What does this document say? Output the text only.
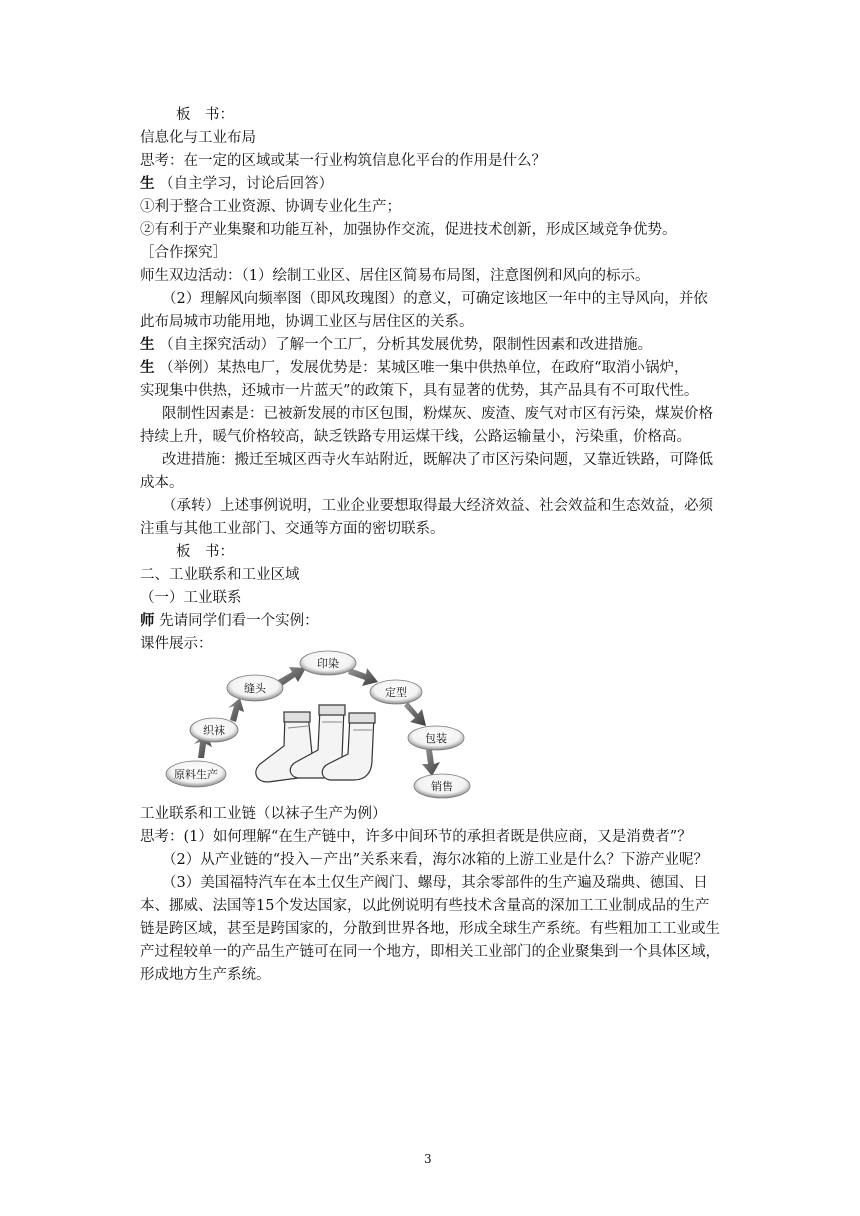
板　书：
信息化与工业布局
思考：在一定的区域或某一行业构筑信息化平台的作用是什么？
生 （自主学习，讨论后回答）
①利于整合工业资源、协调专业化生产；
②有利于产业集聚和功能互补，加强协作交流，促进技术创新，形成区域竞争优势。
［合作探究］
师生双边活动：（1）绘制工业区、居住区简易布局图，注意图例和风向的标示。
（2）理解风向频率图（即风玫瑰图）的意义，可确定该地区一年中的主导风向，并依
此布局城市功能用地，协调工业区与居住区的关系。
生 （自主探究活动）了解一个工厂，分析其发展优势，限制性因素和改进措施。
生 （举例）某热电厂，发展优势是：某城区唯一集中供热单位，在政府“取消小锅炉，
实现集中供热，还城市一片蓝天”的政策下，具有显著的优势，其产品具有不可取代性。
限制性因素是：已被新发展的市区包围，粉煤灰、废渣、废气对市区有污染，煤炭价格
持续上升，暖气价格较高，缺乏铁路专用运煤干线，公路运输量小，污染重，价格高。
改进措施：搬迁至城区西寺火车站附近，既解决了市区污染问题，又靠近铁路，可降低
成本。
（承转）上述事例说明，工业企业要想取得最大经济效益、社会效益和生态效益，必须
注重与其他工业部门、交通等方面的密切联系。
板　书：
二、工业联系和工业区域
（一）工业联系
师 先请同学们看一个实例：
课件展示：
原料生产
织袜
缝头
印染
定型
包装
销售
工业联系和工业链（以袜子生产为例）
思考：(1）如何理解“在生产链中，许多中间环节的承担者既是供应商，又是消费者”？
（2）从产业链的“投入－产出”关系来看，海尔冰箱的上游工业是什么？下游产业呢？
（3）美国福特汽车在本土仅生产阀门、螺母，其余零部件的生产遍及瑞典、德国、日
本、挪威、法国等15个发达国家，以此例说明有些技术含量高的深加工工业制成品的生产
链是跨区域，甚至是跨国家的，分散到世界各地，形成全球生产系统。有些粗加工工业或生
产过程较单一的产品生产链可在同一个地方，即相关工业部门的企业聚集到一个具体区域，
形成地方生产系统。
3
